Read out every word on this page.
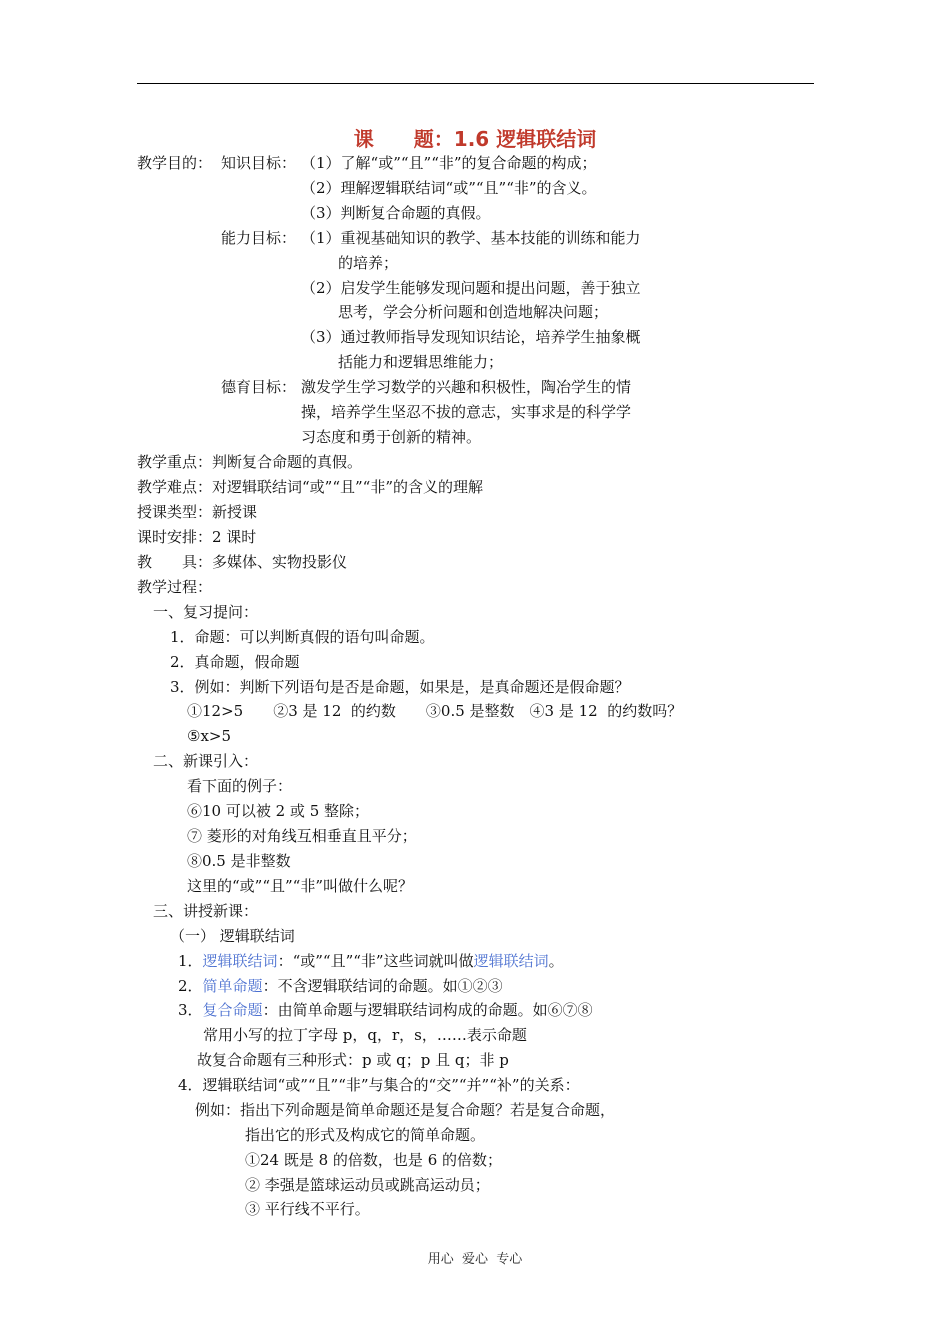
课　　题：1.6 逻辑联结词
教学目的： 知识目标： （1）了解“或”“且”“非”的复合命题的构成；
（2）理解逻辑联结词“或”“且”“非”的含义。
（3）判断复合命题的真假。
能力目标： （1）重视基础知识的教学、基本技能的训练和能力
的培养；
（2）启发学生能够发现问题和提出问题，善于独立
思考，学会分析问题和创造地解决问题；
（3）通过教师指导发现知识结论，培养学生抽象概
括能力和逻辑思维能力；
德育目标： 激发学生学习数学的兴趣和积极性，陶冶学生的情
操，培养学生坚忍不拔的意志，实事求是的科学学
习态度和勇于创新的精神。
教学重点：判断复合命题的真假。
教学难点：对逻辑联结词“或”“且”“非”的含义的理解
授课类型：新授课
课时安排：2 课时
教　　具：多媒体、实物投影仪
教学过程：
一、复习提问：
1．命题：可以判断真假的语句叫命题。
2．真命题，假命题
3．例如：判断下列语句是否是命题，如果是，是真命题还是假命题？
①12>5　　②3 是 12  的约数　　③0.5 是整数　④3 是 12  的约数吗？
⑤x>5
二、新课引入：
看下面的例子：
⑥10 可以被 2 或 5 整除；
⑦ 菱形的对角线互相垂直且平分；
⑧0.5 是非整数
这里的“或”“且”“非”叫做什么呢？
三、讲授新课：
（一） 逻辑联结词
1．逻辑联结词：“或”“且”“非”这些词就叫做逻辑联结词。
2．简单命题：不含逻辑联结词的命题。如①②③
3．复合命题：由简单命题与逻辑联结词构成的命题。如⑥⑦⑧
常用小写的拉丁字母 p，q，r，s，……表示命题
故复合命题有三种形式：p 或 q；p 且 q；非 p
4．逻辑联结词“或”“且”“非”与集合的“交”“并”“补”的关系：
例如：指出下列命题是简单命题还是复合命题？若是复合命题，
指出它的形式及构成它的简单命题。
①24 既是 8 的倍数，也是 6 的倍数；
② 李强是篮球运动员或跳高运动员；
③ 平行线不平行。
用心  爱心  专心
